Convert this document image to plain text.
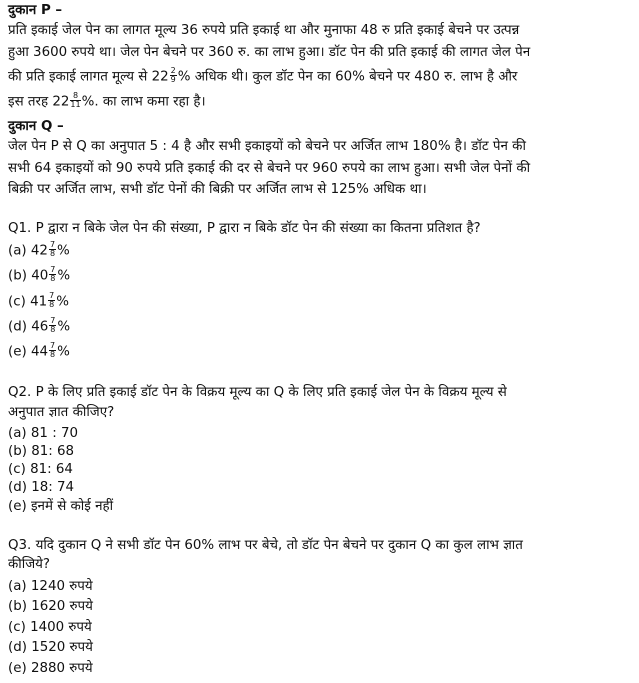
दुकान P –
प्रति इकाई जेल पेन का लागत मूल्य 36 रुपये प्रति इकाई था और मुनाफा 48 रु प्रति इकाई बेचने पर उत्पन्न
हुआ 3600 रुपये था। जेल पेन बेचने पर 360 रु. का लाभ हुआ। डॉट पेन की प्रति इकाई की लागत जेल पेन
की प्रति इकाई लागत मूल्य से $22 \frac{2}{9}$ % अधिक थी। कुल डॉट पेन का 60% बेचने पर 480 रु. लाभ है और
इस तरह $22 \frac{8}{11}$ %. का लाभ कमा रहा है।
दुकान Q –
जेल पेन P से Q का अनुपात 5 : 4 है और सभी इकाइयों को बेचने पर अर्जित लाभ 180% है। डॉट पेन की
सभी 64 इकाइयों को 90 रुपये प्रति इकाई की दर से बेचने पर 960 रुपये का लाभ हुआ। सभी जेल पेनों की
बिक्री पर अर्जित लाभ, सभी डॉट पेनों की बिक्री पर अर्जित लाभ से 125% अधिक था।
Q1. P द्वारा न बिके जेल पेन की संख्या, P द्वारा न बिके डॉट पेन की संख्या का कितना प्रतिशत है?
(a) $42 \frac{7}{8}$ %
(b) $40 \frac{7}{8}$ %
(c) $41 \frac{7}{8}$ %
(d) $46 \frac{7}{8}$ %
(e) $44 \frac{7}{8}$ %
Q2. P के लिए प्रति इकाई डॉट पेन के विक्रय मूल्य का Q के लिए प्रति इकाई जेल पेन के विक्रय मूल्य से
अनुपात ज्ञात कीजिए?
(a) 81 : 70
(b) 81: 68
(c) 81: 64
(d) 18: 74
(e) इनमें से कोई नहीं
Q3. यदि दुकान Q ने सभी डॉट पेन 60% लाभ पर बेचे, तो डॉट पेन बेचने पर दुकान Q का कुल लाभ ज्ञात
कीजिये?
(a) 1240 रुपये
(b) 1620 रुपये
(c) 1400 रुपये
(d) 1520 रुपये
(e) 2880 रुपये
